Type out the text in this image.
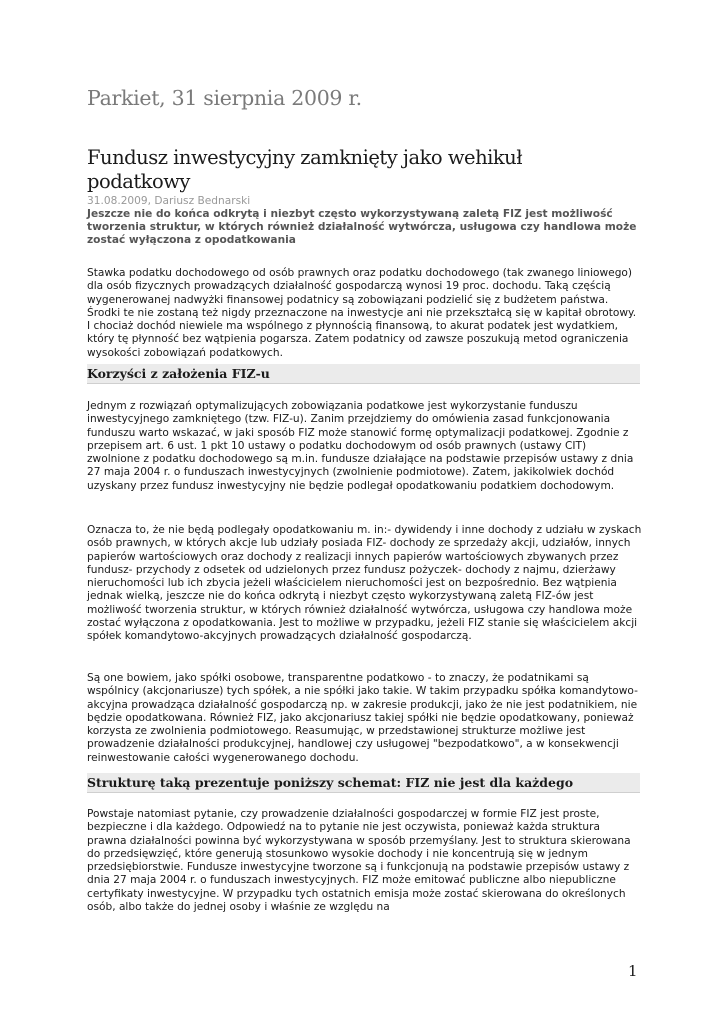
Parkiet, 31 sierpnia 2009 r.
Fundusz inwestycyjny zamknięty jako wehikuł podatkowy

31.08.2009, Dariusz Bednarski

Jeszcze nie do końca odkrytą i niezbyt często wykorzystywaną zaletą FIZ jest możliwość tworzenia struktur, w których również działalność wytwórcza, usługowa czy handlowa może zostać wyłączona z opodatkowania

Stawka podatku dochodowego od osób prawnych oraz podatku dochodowego (tak zwanego liniowego) dla osób fizycznych prowadzących działalność gospodarczą wynosi 19 proc. dochodu. Taką częścią wygenerowanej nadwyżki finansowej podatnicy są zobowiązani podzielić się z budżetem państwa. Środki te nie zostaną też nigdy przeznaczone na inwestycje ani nie przekształcą się w kapitał obrotowy. I chociaż dochód niewiele ma wspólnego z płynnością finansową, to akurat podatek jest wydatkiem, który tę płynność bez wątpienia pogarsza. Zatem podatnicy od zawsze poszukują metod ograniczenia wysokości zobowiązań podatkowych.

Korzyści z założenia FIZ-u

Jednym z rozwiązań optymalizujących zobowiązania podatkowe jest wykorzystanie funduszu inwestycyjnego zamkniętego (tzw. FIZ-u). Zanim przejdziemy do omówienia zasad funkcjonowania funduszu warto wskazać, w jaki sposób FIZ może stanowić formę optymalizacji podatkowej. Zgodnie z przepisem art. 6 ust. 1 pkt 10 ustawy o podatku dochodowym od osób prawnych (ustawy CIT) zwolnione z podatku dochodowego są m.in. fundusze działające na podstawie przepisów ustawy z dnia 27 maja 2004 r. o funduszach inwestycyjnych (zwolnienie podmiotowe). Zatem, jakikolwiek dochód uzyskany przez fundusz inwestycyjny nie będzie podlegał opodatkowaniu podatkiem dochodowym.

Oznacza to, że nie będą podlegały opodatkowaniu m. in:- dywidendy i inne dochody z udziału w zyskach osób prawnych, w których akcje lub udziały posiada FIZ- dochody ze sprzedaży akcji, udziałów, innych papierów wartościowych oraz dochody z realizacji innych papierów wartościowych zbywanych przez fundusz- przychody z odsetek od udzielonych przez fundusz pożyczek- dochody z najmu, dzierżawy nieruchomości lub ich zbycia jeżeli właścicielem nieruchomości jest on bezpośrednio. Bez wątpienia jednak wielką, jeszcze nie do końca odkrytą i niezbyt często wykorzystywaną zaletą FIZ-ów jest możliwość tworzenia struktur, w których również działalność wytwórcza, usługowa czy handlowa może zostać wyłączona z opodatkowania. Jest to możliwe w przypadku, jeżeli FIZ stanie się właścicielem akcji spółek komandytowo-akcyjnych prowadzących działalność gospodarczą.

Są one bowiem, jako spółki osobowe, transparentne podatkowo - to znaczy, że podatnikami są wspólnicy (akcjonariusze) tych spółek, a nie spółki jako takie. W takim przypadku spółka komandytowo-akcyjna prowadząca działalność gospodarczą np. w zakresie produkcji, jako że nie jest podatnikiem, nie będzie opodatkowana. Również FIZ, jako akcjonariusz takiej spółki nie będzie opodatkowany, ponieważ korzysta ze zwolnienia podmiotowego. Reasumując, w przedstawionej strukturze możliwe jest prowadzenie działalności produkcyjnej, handlowej czy usługowej "bezpodatkowo", a w konsekwencji reinwestowanie całości wygenerowanego dochodu.

Strukturę taką prezentuje poniższy schemat: FIZ nie jest dla każdego

Powstaje natomiast pytanie, czy prowadzenie działalności gospodarczej w formie FIZ jest proste, bezpieczne i dla każdego. Odpowiedź na to pytanie nie jest oczywista, ponieważ każda struktura prawna działalności powinna być wykorzystywana w sposób przemyślany. Jest to struktura skierowana do przedsięwzięć, które generują stosunkowo wysokie dochody i nie koncentrują się w jednym przedsiębiorstwie. Fundusze inwestycyjne tworzone są i funkcjonują na podstawie przepisów ustawy z dnia 27 maja 2004 r. o funduszach inwestycyjnych. FIZ może emitować publiczne albo niepubliczne certyfikaty inwestycyjne. W przypadku tych ostatnich emisja może zostać skierowana do określonych osób, albo także do jednej osoby i właśnie ze względu na

1
